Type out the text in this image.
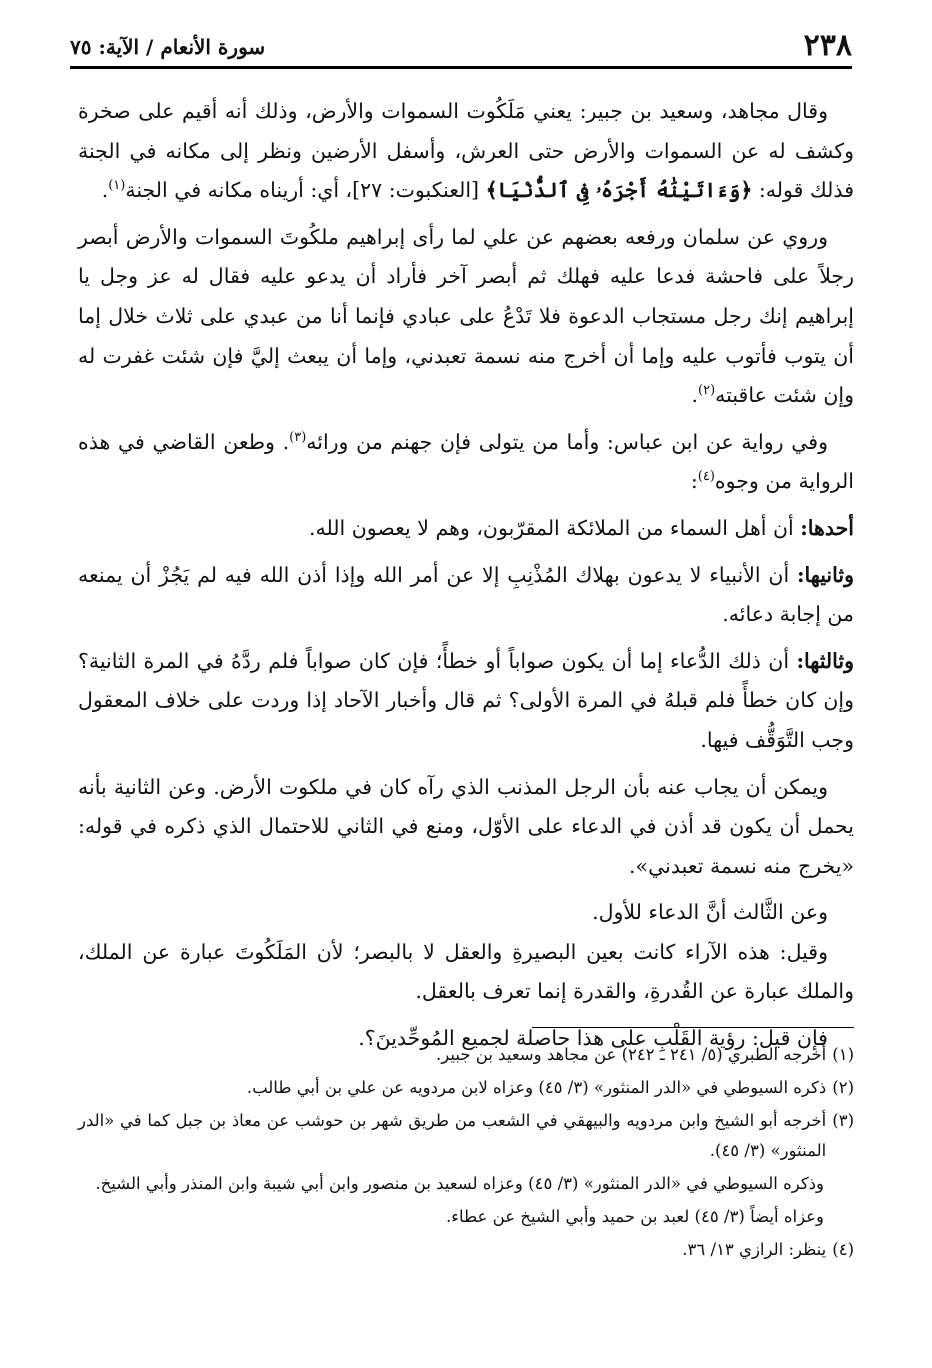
٢٣٨
سورة الأنعام / الآية: ٧٥

وقال مجاهد، وسعيد بن جبير: يعني مَلَكُوت السموات والأرض، وذلك أنه أقيم على صخرة وكشف له عن السموات والأرض حتى العرش، وأسفل الأرضين ونظر إلى مكانه في الجنة فذلك قوله: ﴿وَءَاتَيْنَٰهُ أَجْرَهُۥ فِى ٱلدُّنْيَا﴾ [العنكبوت: ٢٧]، أي: أريناه مكانه في الجنة$^{(١)}$.

وروي عن سلمان ورفعه بعضهم عن علي لما رأى إبراهيم ملكُوتَ السموات والأرض أبصر رجلاً على فاحشة فدعا عليه فهلك ثم أبصر آخر فأراد أن يدعو عليه فقال له عز وجل يا إبراهيم إنك رجل مستجاب الدعوة فلا تَدْعُ على عبادي فإنما أنا من عبدي على ثلاث خلال إما أن يتوب فأتوب عليه وإما أن أخرج منه نسمة تعبدني، وإما أن يبعث إليَّ فإن شئت غفرت له وإن شئت عاقبته$^{(٢)}$.

وفي رواية عن ابن عباس: وأما من يتولى فإن جهنم من ورائه$^{(٣)}$. وطعن القاضي في هذه الرواية من وجوه$^{(٤)}$:

أحدها: أن أهل السماء من الملائكة المقرّبون، وهم لا يعصون الله.

وثانيها: أن الأنبياء لا يدعون بهلاك المُذْنِبِ إلا عن أمر الله وإذا أذن الله فيه لم يَجُزْ أن يمنعه من إجابة دعائه.

وثالثها: أن ذلك الدُّعاء إما أن يكون صواباً أو خطأً؛ فإن كان صواباً فلم ردَّهُ في المرة الثانية؟ وإن كان خطأً فلم قبلهُ في المرة الأولى؟ ثم قال وأخبار الآحاد إذا وردت على خلاف المعقول وجب التَّوَقُّف فيها.

ويمكن أن يجاب عنه بأن الرجل المذنب الذي رآه كان في ملكوت الأرض. وعن الثانية بأنه يحمل أن يكون قد أذن في الدعاء على الأوّل، ومنع في الثاني للاحتمال الذي ذكره في قوله: «يخرج منه نسمة تعبدني».

وعن الثَّالث أنَّ الدعاء للأول.

وقيل: هذه الآراء كانت بعين البصيرةِ والعقل لا بالبصر؛ لأن المَلَكُوتَ عبارة عن الملك، والملك عبارة عن القُدرةِ، والقدرة إنما تعرف بالعقل.

فإن قيل: رؤية القَلْبِ على هذا حاصلة لجميع المُوحِّدينَ؟.

(١)
أخرجه الطبري (٥/ ٢٤١ ـ ٢٤٢) عن مجاهد وسعيد بن جبير.
(٢)
ذكره السيوطي في «الدر المنثور» (٣/ ٤٥) وعزاه لابن مردويه عن علي بن أبي طالب.
(٣)
أخرجه أبو الشيخ وابن مردويه والبيهقي في الشعب من طريق شهر بن حوشب عن معاذ بن جبل كما في «الدر المنثور» (٣/ ٤٥).
وذكره السيوطي في «الدر المنثور» (٣/ ٤٥) وعزاه لسعيد بن منصور وابن أبي شيبة وابن المنذر وأبي الشيخ.
وعزاه أيضاً (٣/ ٤٥) لعبد بن حميد وأبي الشيخ عن عطاء.
(٤)
ينظر: الرازي ١٣/ ٣٦.
